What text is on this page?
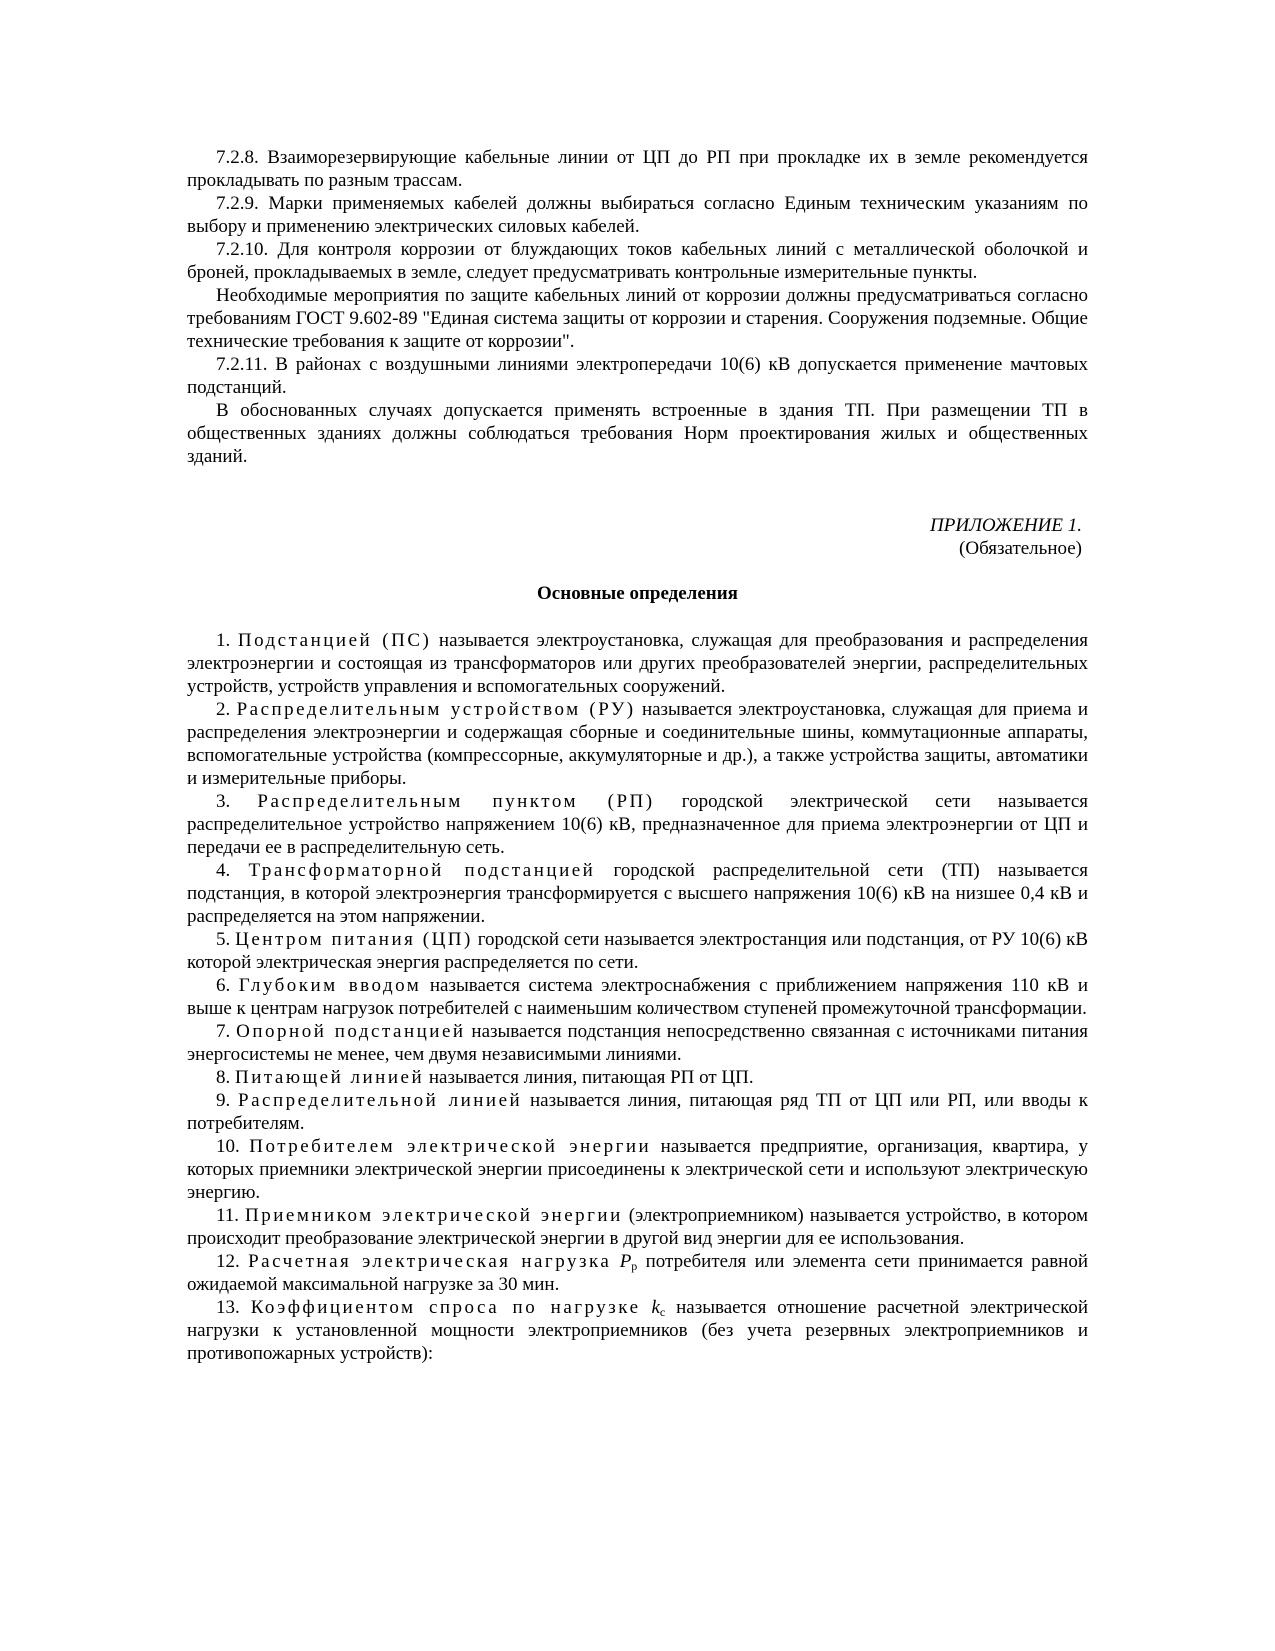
7.2.8. Взаиморезервирующие кабельные линии от ЦП до РП при прокладке их в земле рекомендуется прокладывать по разным трассам.

7.2.9. Марки применяемых кабелей должны выбираться согласно Единым техническим указаниям по выбору и применению электрических силовых кабелей.

7.2.10. Для контроля коррозии от блуждающих токов кабельных линий с металлической оболочкой и броней, прокладываемых в земле, следует предусматривать контрольные измерительные пункты.

Необходимые мероприятия по защите кабельных линий от коррозии должны предусматриваться согласно требованиям ГОСТ 9.602-89 "Единая система защиты от коррозии и старения. Сооружения подземные. Общие технические требования к защите от коррозии".

7.2.11. В районах с воздушными линиями электропередачи 10(6) кВ допускается применение мачтовых подстанций.

В обоснованных случаях допускается применять встроенные в здания ТП. При размещении ТП в общественных зданиях должны соблюдаться требования Норм проектирования жилых и общественных зданий.

ПРИЛОЖЕНИЕ 1.
(Обязательное)
Основные определения

1. Подстанцией (ПС) называется электроустановка, служащая для преобразования и распределения электроэнергии и состоящая из трансформаторов или других преобразователей энергии, распределительных устройств, устройств управления и вспомогательных сооружений.

2. Распределительным устройством (РУ) называется электроустановка, служащая для приема и распределения электроэнергии и содержащая сборные и соединительные шины, коммутационные аппараты, вспомогательные устройства (компрессорные, аккумуляторные и др.), а также устройства защиты, автоматики и измерительные приборы.

3. Распределительным пунктом (РП) городской электрической сети называется распределительное устройство напряжением 10(6) кВ, предназначенное для приема электроэнергии от ЦП и передачи ее в распределительную сеть.

4. Трансформаторной подстанцией городской распределительной сети (ТП) называется подстанция, в которой электроэнергия трансформируется с высшего напряжения 10(6) кВ на низшее 0,4 кВ и распределяется на этом напряжении.

5. Центром питания (ЦП) городской сети называется электростанция или подстанция, от РУ 10(6) кВ которой электрическая энергия распределяется по сети.

6. Глубоким вводом называется система электроснабжения с приближением напряжения 110 кВ и выше к центрам нагрузок потребителей с наименьшим количеством ступеней промежуточной трансформации.

7. Опорной подстанцией называется подстанция непосредственно связанная с источниками питания энергосистемы не менее, чем двумя независимыми линиями.

8. Питающей линией называется линия, питающая РП от ЦП.

9. Распределительной линией называется линия, питающая ряд ТП от ЦП или РП, или вводы к потребителям.

10. Потребителем электрической энергии называется предприятие, организация, квартира, у которых приемники электрической энергии присоединены к электрической сети и используют электрическую энергию.

11. Приемником электрической энергии (электроприемником) называется устройство, в котором происходит преобразование электрической энергии в другой вид энергии для ее использования.

12. Расчетная электрическая нагрузка $P_р$ потребителя или элемента сети принимается равной ожидаемой максимальной нагрузке за 30 мин.

13. Коэффициентом спроса по нагрузке $k_с$ называется отношение расчетной электрической нагрузки к установленной мощности электроприемников (без учета резервных электроприемников и противопожарных устройств):
